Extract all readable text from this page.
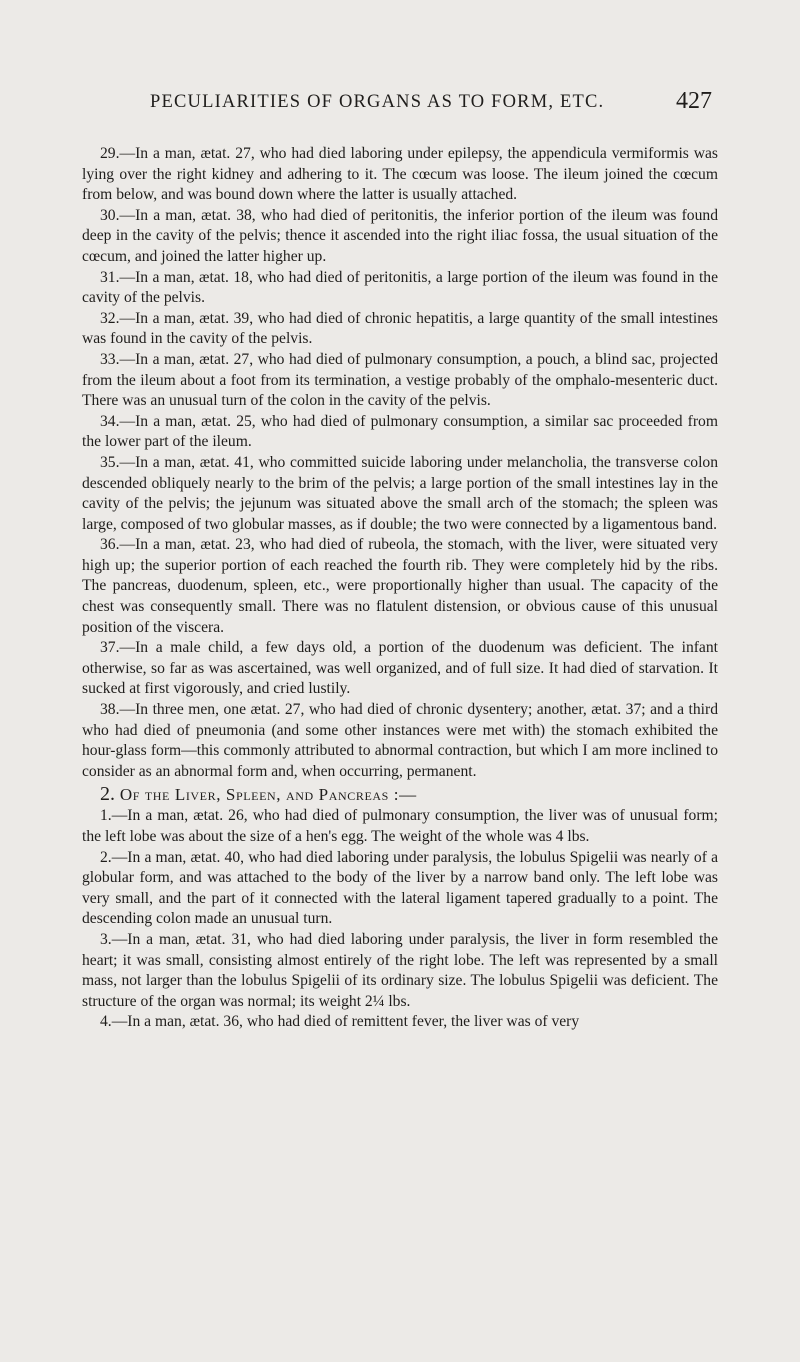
PECULIARITIES OF ORGANS AS TO FORM, ETC.	427

29.—In a man, ætat. 27, who had died laboring under epilepsy, the appendicula vermiformis was lying over the right kidney and adhering to it. The cœcum was loose. The ileum joined the cœcum from below, and was bound down where the latter is usually attached.

30.—In a man, ætat. 38, who had died of peritonitis, the inferior portion of the ileum was found deep in the cavity of the pelvis; thence it ascended into the right iliac fossa, the usual situation of the cœcum, and joined the latter higher up.

31.—In a man, ætat. 18, who had died of peritonitis, a large portion of the ileum was found in the cavity of the pelvis.

32.—In a man, ætat. 39, who had died of chronic hepatitis, a large quantity of the small intestines was found in the cavity of the pelvis.

33.—In a man, ætat. 27, who had died of pulmonary consumption, a pouch, a blind sac, projected from the ileum about a foot from its termination, a vestige probably of the omphalo-mesenteric duct. There was an unusual turn of the colon in the cavity of the pelvis.

34.—In a man, ætat. 25, who had died of pulmonary consumption, a similar sac proceeded from the lower part of the ileum.

35.—In a man, ætat. 41, who committed suicide laboring under melancholia, the transverse colon descended obliquely nearly to the brim of the pelvis; a large portion of the small intestines lay in the cavity of the pelvis; the jejunum was situated above the small arch of the stomach; the spleen was large, composed of two globular masses, as if double; the two were connected by a ligamentous band.

36.—In a man, ætat. 23, who had died of rubeola, the stomach, with the liver, were situated very high up; the superior portion of each reached the fourth rib. They were completely hid by the ribs. The pancreas, duodenum, spleen, etc., were proportionally higher than usual. The capacity of the chest was consequently small. There was no flatulent distension, or obvious cause of this unusual position of the viscera.

37.—In a male child, a few days old, a portion of the duodenum was deficient. The infant otherwise, so far as was ascertained, was well organized, and of full size. It had died of starvation. It sucked at first vigorously, and cried lustily.

38.—In three men, one ætat. 27, who had died of chronic dysentery; another, ætat. 37; and a third who had died of pneumonia (and some other instances were met with) the stomach exhibited the hour-glass form—this commonly attributed to abnormal contraction, but which I am more inclined to consider as an abnormal form and, when occurring, permanent.

2. Of the Liver, Spleen, and Pancreas :—

1.—In a man, ætat. 26, who had died of pulmonary consumption, the liver was of unusual form; the left lobe was about the size of a hen's egg. The weight of the whole was 4 lbs.

2.—In a man, ætat. 40, who had died laboring under paralysis, the lobulus Spigelii was nearly of a globular form, and was attached to the body of the liver by a narrow band only. The left lobe was very small, and the part of it connected with the lateral ligament tapered gradually to a point. The descending colon made an unusual turn.

3.—In a man, ætat. 31, who had died laboring under paralysis, the liver in form resembled the heart; it was small, consisting almost entirely of the right lobe. The left was represented by a small mass, not larger than the lobulus Spigelii of its ordinary size. The lobulus Spigelii was deficient. The structure of the organ was normal; its weight 2¼ lbs.

4.—In a man, ætat. 36, who had died of remittent fever, the liver was of very
